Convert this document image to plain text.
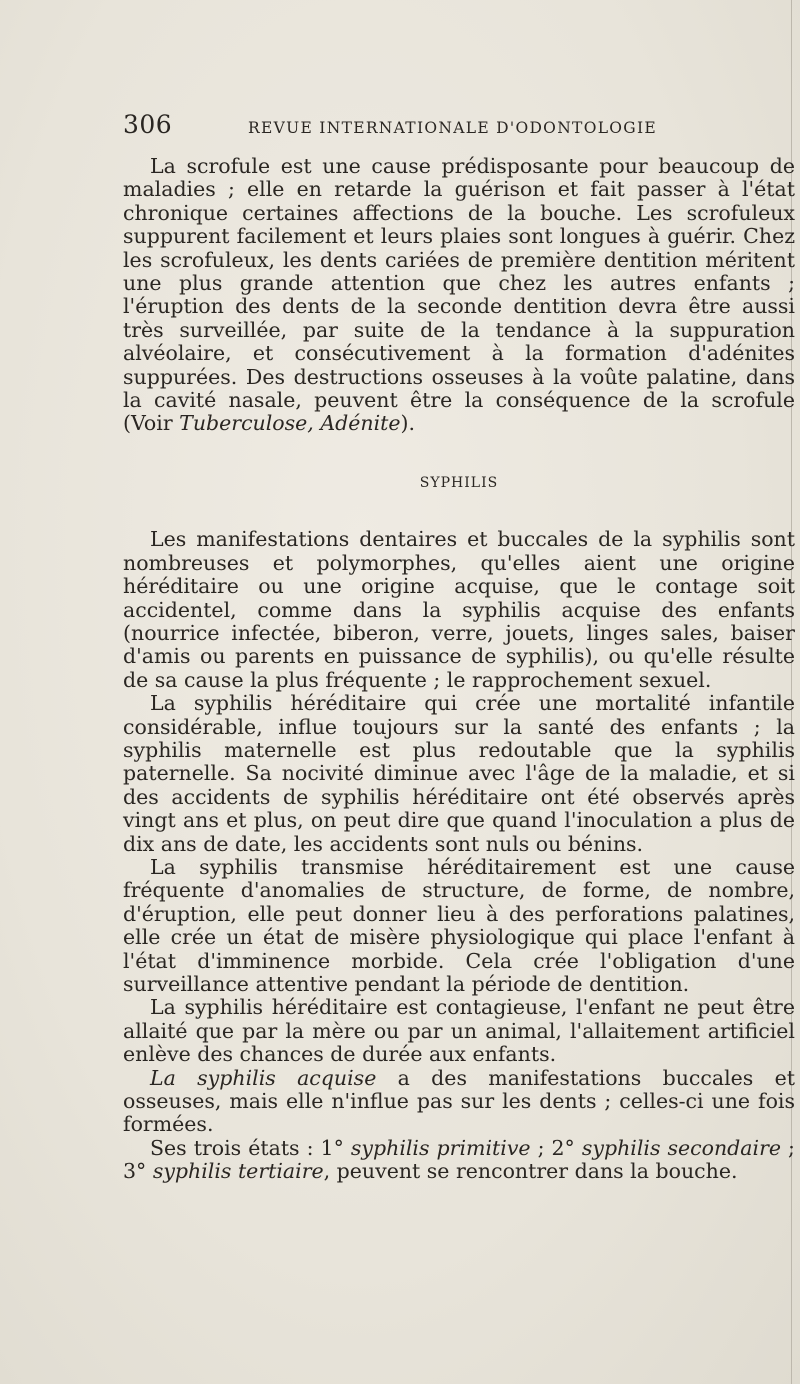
306	REVUE INTERNATIONALE D'ODONTOLOGIE

La scrofule est une cause prédisposante pour beaucoup de maladies ; elle en retarde la guérison et fait passer à l'état chronique certaines affections de la bouche. Les scrofuleux suppurent facilement et leurs plaies sont longues à guérir. Chez les scrofuleux, les dents cariées de première dentition méritent une plus grande attention que chez les autres enfants ; l'éruption des dents de la seconde dentition devra être aussi très surveillée, par suite de la tendance à la suppuration alvéolaire, et consécutivement à la formation d'adénites suppurées. Des destructions osseuses à la voûte palatine, dans la cavité nasale, peuvent être la conséquence de la scrofule (Voir Tuberculose, Adénite).

SYPHILIS

Les manifestations dentaires et buccales de la syphilis sont nombreuses et polymorphes, qu'elles aient une origine héréditaire ou une origine acquise, que le contage soit accidentel, comme dans la syphilis acquise des enfants (nourrice infectée, biberon, verre, jouets, linges sales, baiser d'amis ou parents en puissance de syphilis), ou qu'elle résulte de sa cause la plus fréquente ; le rapprochement sexuel.

La syphilis héréditaire qui crée une mortalité infantile considérable, influe toujours sur la santé des enfants ; la syphilis maternelle est plus redoutable que la syphilis paternelle. Sa nocivité diminue avec l'âge de la maladie, et si des accidents de syphilis héréditaire ont été observés après vingt ans et plus, on peut dire que quand l'inoculation a plus de dix ans de date, les accidents sont nuls ou bénins.

La syphilis transmise héréditairement est une cause fréquente d'anomalies de structure, de forme, de nombre, d'éruption, elle peut donner lieu à des perforations palatines, elle crée un état de misère physiologique qui place l'enfant à l'état d'imminence morbide. Cela crée l'obligation d'une surveillance attentive pendant la période de dentition.

La syphilis héréditaire est contagieuse, l'enfant ne peut être allaité que par la mère ou par un animal, l'allaitement artificiel enlève des chances de durée aux enfants.

La syphilis acquise a des manifestations buccales et osseuses, mais elle n'influe pas sur les dents ; celles-ci une fois formées.

Ses trois états : 1° syphilis primitive ; 2° syphilis secondaire ; 3° syphilis tertiaire, peuvent se rencontrer dans la bouche.
